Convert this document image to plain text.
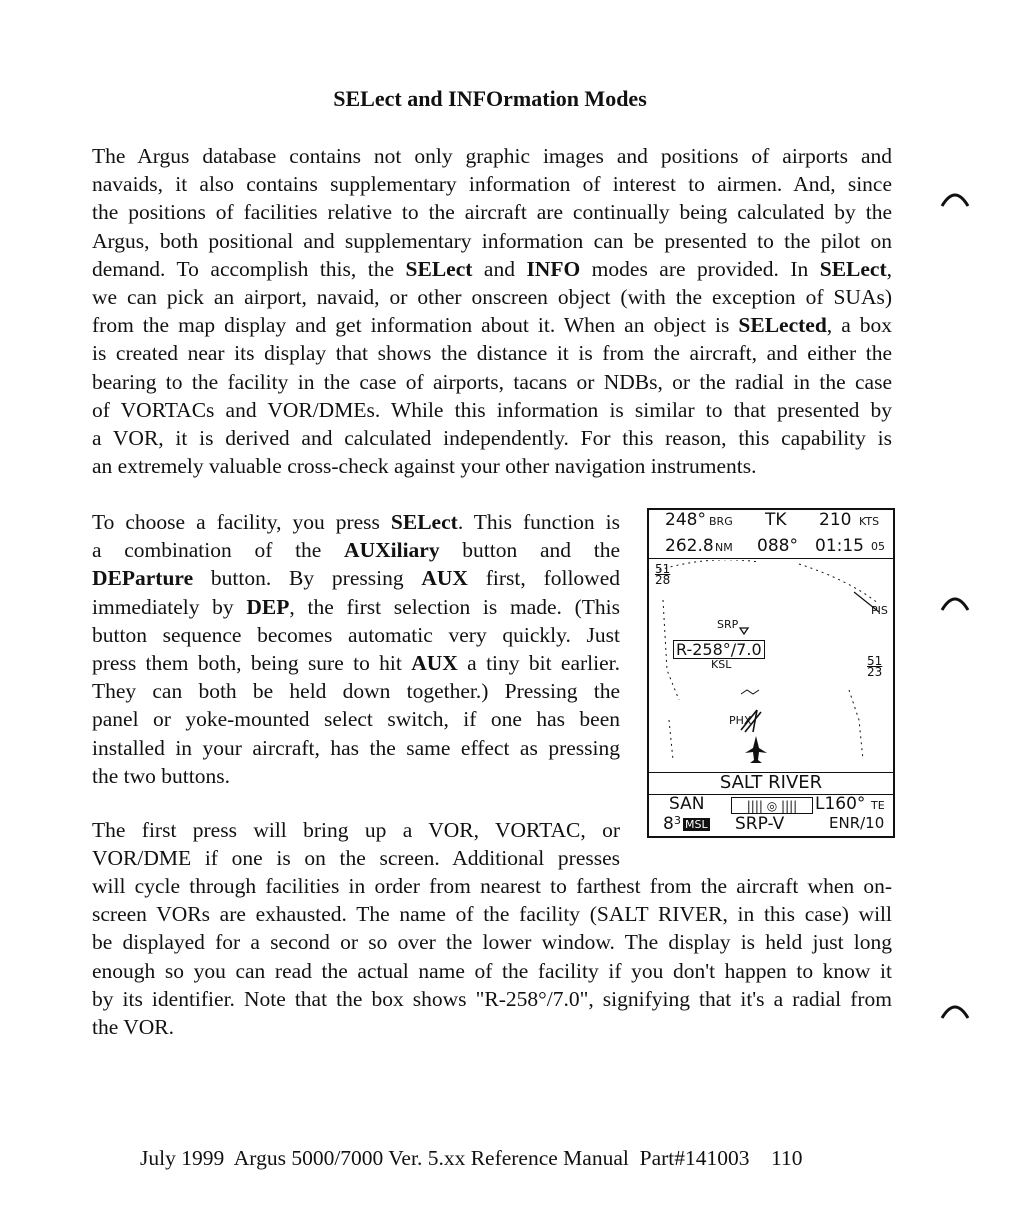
SELect and INFOrmation Modes

The Argus database contains not only graphic images and positions of airports and
navaids, it also contains supplementary information of interest to airmen. And, since
the positions of facilities relative to the aircraft are continually being calculated by the
Argus, both positional and supplementary information can be presented to the pilot on
demand. To accomplish this, the SELect and INFO modes are provided. In SELect,
we can pick an airport, navaid, or other onscreen object (with the exception of SUAs)
from the map display and get information about it. When an object is SELected, a box
is created near its display that shows the distance it is from the aircraft, and either the
bearing to the facility in the case of airports, tacans or NDBs, or the radial in the case
of VORTACs and VOR/DMEs. While this information is similar to that presented by
a VOR, it is derived and calculated independently. For this reason, this capability is
an extremely valuable cross-check against your other navigation instruments.

To choose a facility, you press SELect. This function is
a combination of the AUXiliary button and the
DEParture button. By pressing AUX first, followed
immediately by DEP, the first selection is made. (This
button sequence becomes automatic very quickly. Just
press them both, being sure to hit AUX a tiny bit earlier.
They can both be held down together.) Pressing the
panel or yoke-mounted select switch, if one has been
installed in your aircraft, has the same effect as pressing
the two buttons.

The first press will bring up a VOR, VORTAC, or
VOR/DME if one is on the screen. Additional presses

will cycle through facilities in order from nearest to farthest from the aircraft when on-
screen VORs are exhausted. The name of the facility (SALT RIVER, in this case) will
be displayed for a second or so over the lower window. The display is held just long
enough so you can read the actual name of the facility if you don't happen to know it
by its identifier. Note that the box shows "R-258°/7.0", signifying that it's a radial from
the VOR.

248° BRG TK 210 KTS
262.8 NM 088° 01:15 05
51
28
51
23
SRP
PIS
R-258°/7.0
KSL
PHX
SALT RIVER
SAN	|||| ◎ ||||	L160° TE
8 3 MSL SRP-V	ENR/10
July 1999  Argus 5000/7000 Ver. 5.xx Reference Manual  Part#141003    110
